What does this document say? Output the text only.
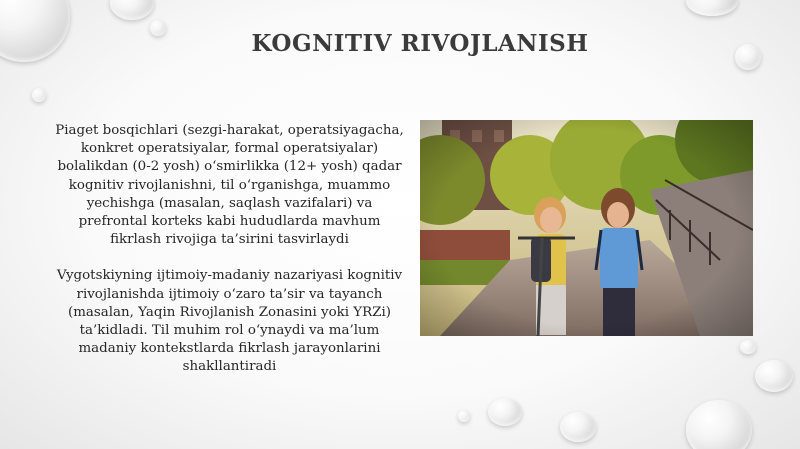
KOGNITIV RIVOJLANISH

Piaget bosqichlari (sezgi-harakat, operatsiyagacha, konkret operatsiyalar, formal operatsiyalar) bolalikdan (0-2 yosh) o‘smirlikka (12+ yosh) qadar kognitiv rivojlanishni, til o‘rganishga, muammo yechishga (masalan, saqlash vazifalari) va prefrontal korteks kabi hududlarda mavhum fikrlash rivojiga ta’sirini tasvirlaydi

Vygotskiyning ijtimoiy-madaniy nazariyasi kognitiv rivojlanishda ijtimoiy o‘zaro ta’sir va tayanch (masalan, Yaqin Rivojlanish Zonasini yoki YRZi) ta’kidladi. Til muhim rol o‘ynaydi va ma’lum madaniy kontekstlarda fikrlash jarayonlarini shakllantiradi
